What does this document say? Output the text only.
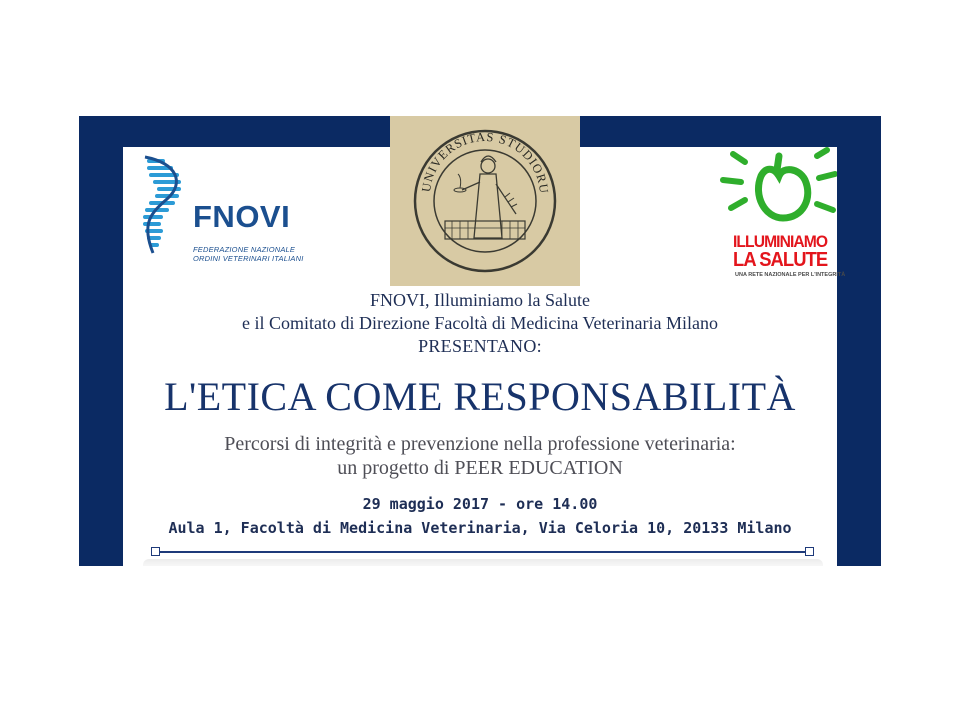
FNOVI
FEDERAZIONE NAZIONALE
ORDINI VETERINARI ITALIANI
UNIVERSITAS STUDIORU
ILLUMINIAMO
LA SALUTE
UNA RETE NAZIONALE PER L'INTEGRITÀ
FNOVI, Illuminiamo la Salute
e il Comitato di Direzione Facoltà di Medicina Veterinaria Milano
PRESENTANO:
L'ETICA COME RESPONSABILITÀ
Percorsi di integrità e prevenzione nella professione veterinaria:
un progetto di PEER EDUCATION
29 maggio 2017 - ore 14.00
Aula 1, Facoltà di Medicina Veterinaria, Via Celoria 10, 20133 Milano
